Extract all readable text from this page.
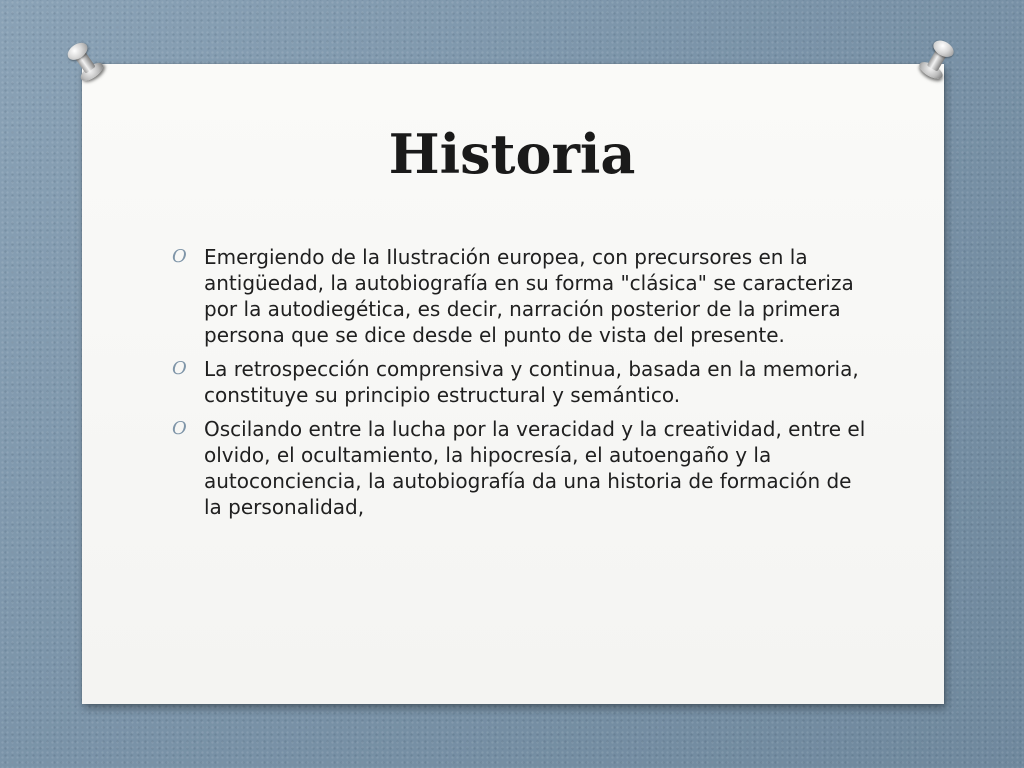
Historia
O Emergiendo de la Ilustración europea, con precursores en la antigüedad, la autobiografía en su forma "clásica" se caracteriza por la autodiegética, es decir, narración posterior de la primera persona que se dice desde el punto de vista del presente.
O La retrospección comprensiva y continua, basada en la memoria, constituye su principio estructural y semántico.
O Oscilando entre la lucha por la veracidad y la creatividad, entre el olvido, el ocultamiento, la hipocresía, el autoengaño y la autoconciencia, la autobiografía da una historia de formación de la personalidad,
